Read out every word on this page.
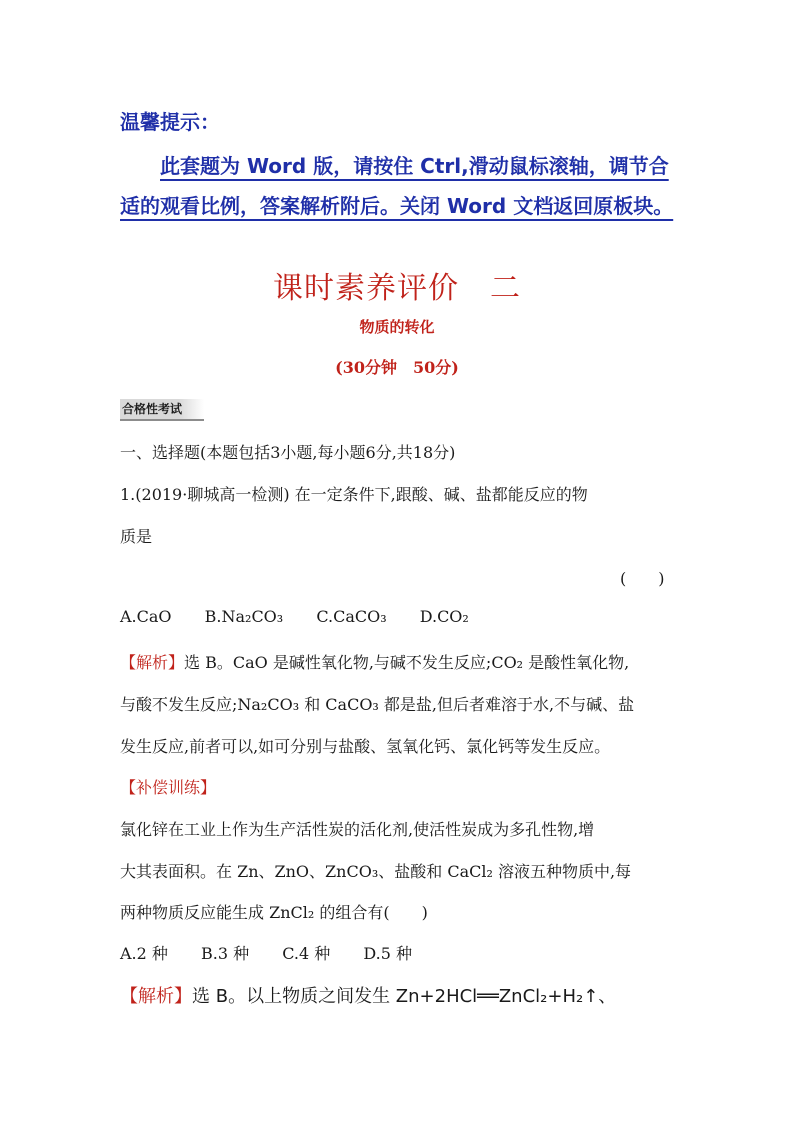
温馨提示：
此套题为 Word 版，请按住 Ctrl,滑动鼠标滚轴，调节合适的观看比例，答案解析附后。关闭 Word 文档返回原板块。
课时素养评价　二
物质的转化
(30分钟　50分)
合格性考试
一、选择题(本题包括3小题,每小题6分,共18分)
1.(2019·聊城高一检测) 在一定条件下,跟酸、碱、盐都能反应的物
质是
(　　)
A.CaO B.Na₂CO₃ C.CaCO₃ D.CO₂
【解析】选 B。CaO 是碱性氧化物,与碱不发生反应;CO₂ 是酸性氧化物,
与酸不发生反应;Na₂CO₃ 和 CaCO₃ 都是盐,但后者难溶于水,不与碱、盐
发生反应,前者可以,如可分别与盐酸、氢氧化钙、氯化钙等发生反应。
【补偿训练】
氯化锌在工业上作为生产活性炭的活化剂,使活性炭成为多孔性物,增
大其表面积。在 Zn、ZnO、ZnCO₃、盐酸和 CaCl₂ 溶液五种物质中,每
两种物质反应能生成 ZnCl₂ 的组合有(　　)
A.2 种 B.3 种 C.4 种 D.5 种
【解析】选 B。以上物质之间发生 Zn+2HCl══ZnCl₂+H₂↑、
